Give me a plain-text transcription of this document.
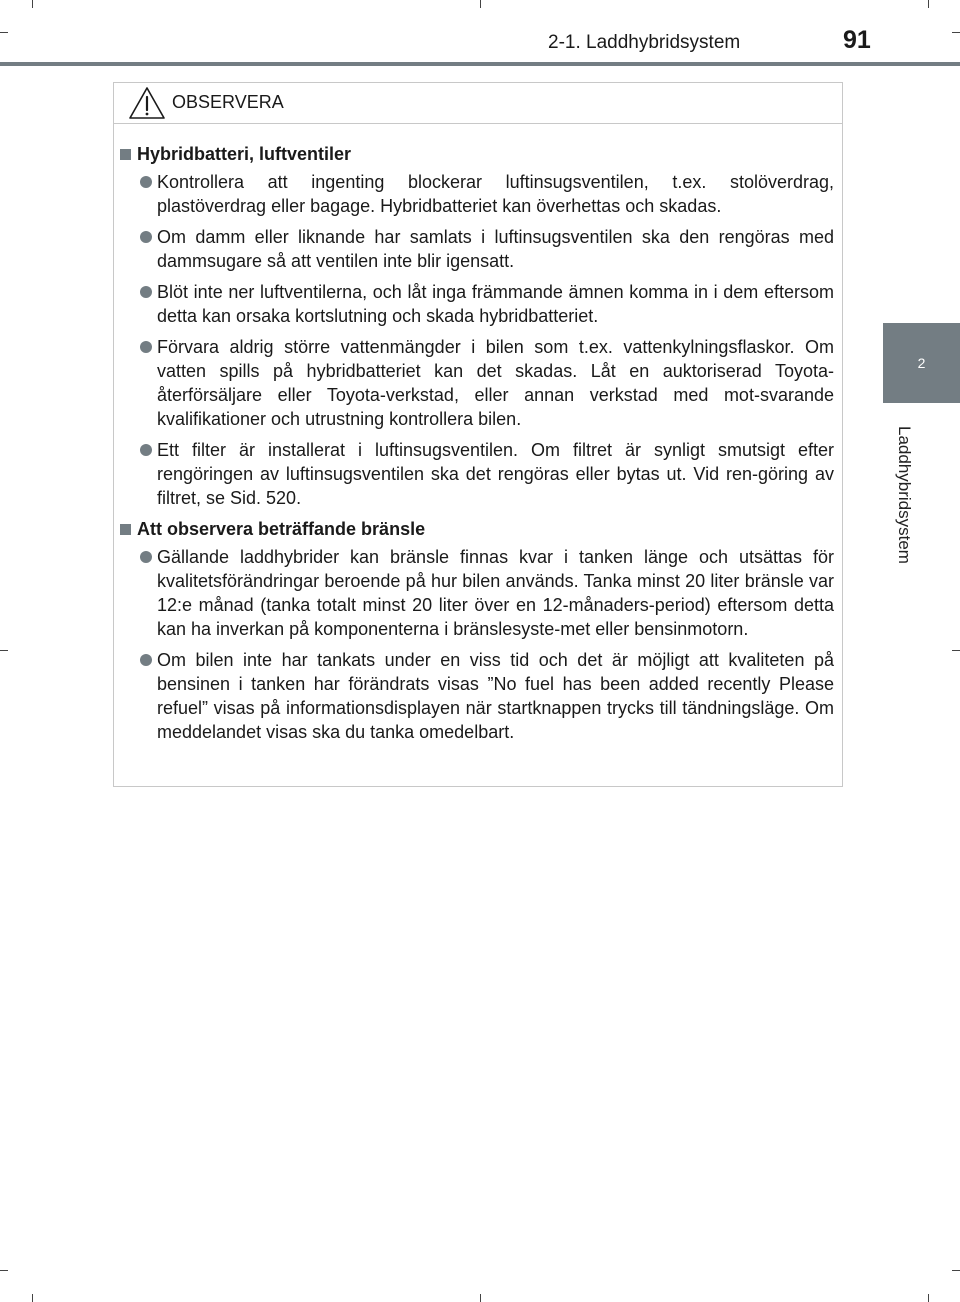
2-1. Laddhybridsystem	91
2
Laddhybridsystem
OBSERVERA
Hybridbatteri, luftventiler
Kontrollera att ingenting blockerar luftinsugsventilen, t.ex. stolöverdrag, plastöverdrag eller bagage. Hybridbatteriet kan överhettas och skadas.
Om damm eller liknande har samlats i luftinsugsventilen ska den rengöras med dammsugare så att ventilen inte blir igensatt.
Blöt inte ner luftventilerna, och låt inga främmande ämnen komma in i dem eftersom detta kan orsaka kortslutning och skada hybridbatteriet.
Förvara aldrig större vattenmängder i bilen som t.ex. vattenkylningsflaskor. Om vatten spills på hybridbatteriet kan det skadas. Låt en auktoriserad Toyota-återförsäljare eller Toyota-verkstad, eller annan verkstad med mot-svarande kvalifikationer och utrustning kontrollera bilen.
Ett filter är installerat i luftinsugsventilen. Om filtret är synligt smutsigt efter rengöringen av luftinsugsventilen ska det rengöras eller bytas ut. Vid ren-göring av filtret, se Sid. 520.
Att observera beträffande bränsle
Gällande laddhybrider kan bränsle finnas kvar i tanken länge och utsättas för kvalitetsförändringar beroende på hur bilen används. Tanka minst 20 liter bränsle var 12:e månad (tanka totalt minst 20 liter över en 12-månaders-period) eftersom detta kan ha inverkan på komponenterna i bränslesyste-met eller bensinmotorn.
Om bilen inte har tankats under en viss tid och det är möjligt att kvaliteten på bensinen i tanken har förändrats visas ”No fuel has been added recently Please refuel” visas på informationsdisplayen när startknappen trycks till tändningsläge. Om meddelandet visas ska du tanka omedelbart.
